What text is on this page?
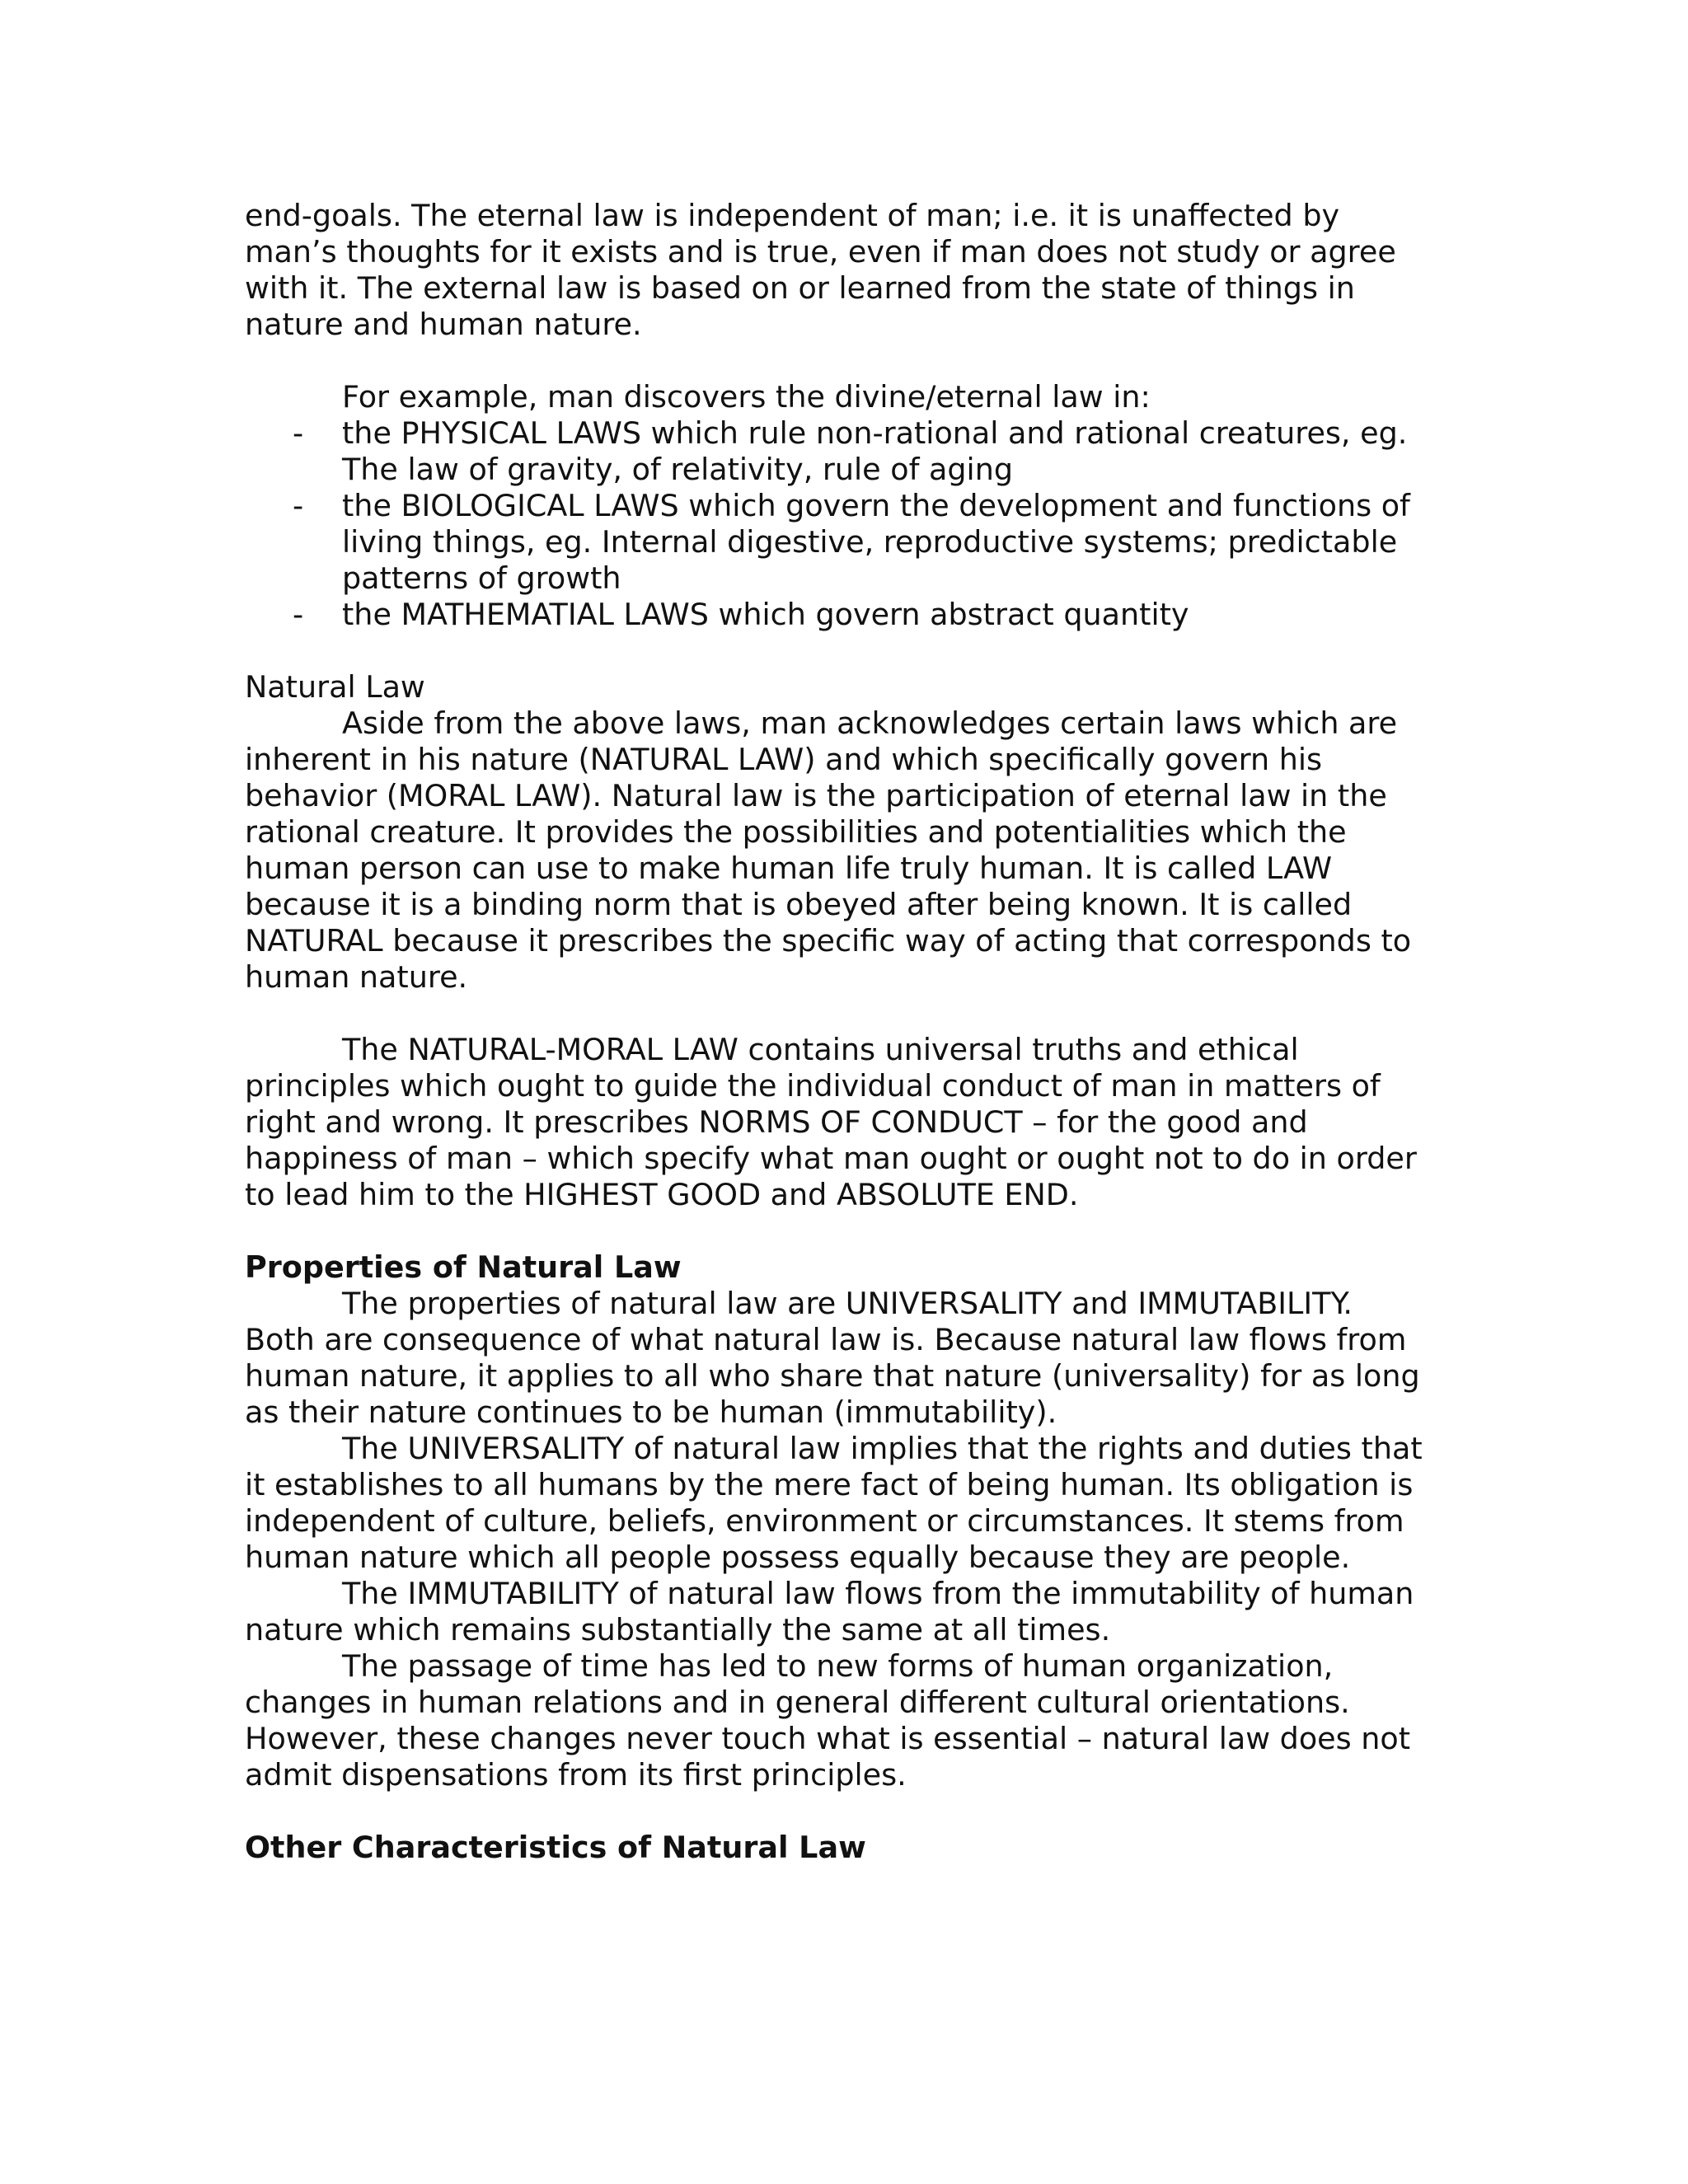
end-goals. The eternal law is independent of man; i.e. it is unaffected by man’s thoughts for it exists and is true, even if man does not study or agree with it. The external law is based on or learned from the state of things in nature and human nature.

For example, man discovers the divine/eternal law in:

- the PHYSICAL LAWS which rule non-rational and rational creatures, eg. The law of gravity, of relativity, rule of aging
- the BIOLOGICAL LAWS which govern the development and functions of living things, eg. Internal digestive, reproductive systems; predictable patterns of growth
- the MATHEMATIAL LAWS which govern abstract quantity

Natural Law

Aside from the above laws, man acknowledges certain laws which are inherent in his nature (NATURAL LAW) and which specifically govern his behavior (MORAL LAW). Natural law is the participation of eternal law in the rational creature. It provides the possibilities and potentialities which the human person can use to make human life truly human. It is called LAW because it is a binding norm that is obeyed after being known. It is called NATURAL because it prescribes the specific way of acting that corresponds to human nature.

The NATURAL-MORAL LAW contains universal truths and ethical principles which ought to guide the individual conduct of man in matters of right and wrong. It prescribes NORMS OF CONDUCT – for the good and happiness of man – which specify what man ought or ought not to do in order to lead him to the HIGHEST GOOD and ABSOLUTE END.

Properties of Natural Law

The properties of natural law are UNIVERSALITY and IMMUTABILITY. Both are consequence of what natural law is. Because natural law flows from human nature, it applies to all who share that nature (universality) for as long as their nature continues to be human (immutability).

The UNIVERSALITY of natural law implies that the rights and duties that it establishes to all humans by the mere fact of being human. Its obligation is independent of culture, beliefs, environment or circumstances. It stems from human nature which all people possess equally because they are people.

The IMMUTABILITY of natural law flows from the immutability of human nature which remains substantially the same at all times.

The passage of time has led to new forms of human organization, changes in human relations and in general different cultural orientations. However, these changes never touch what is essential – natural law does not admit dispensations from its first principles.

Other Characteristics of Natural Law
